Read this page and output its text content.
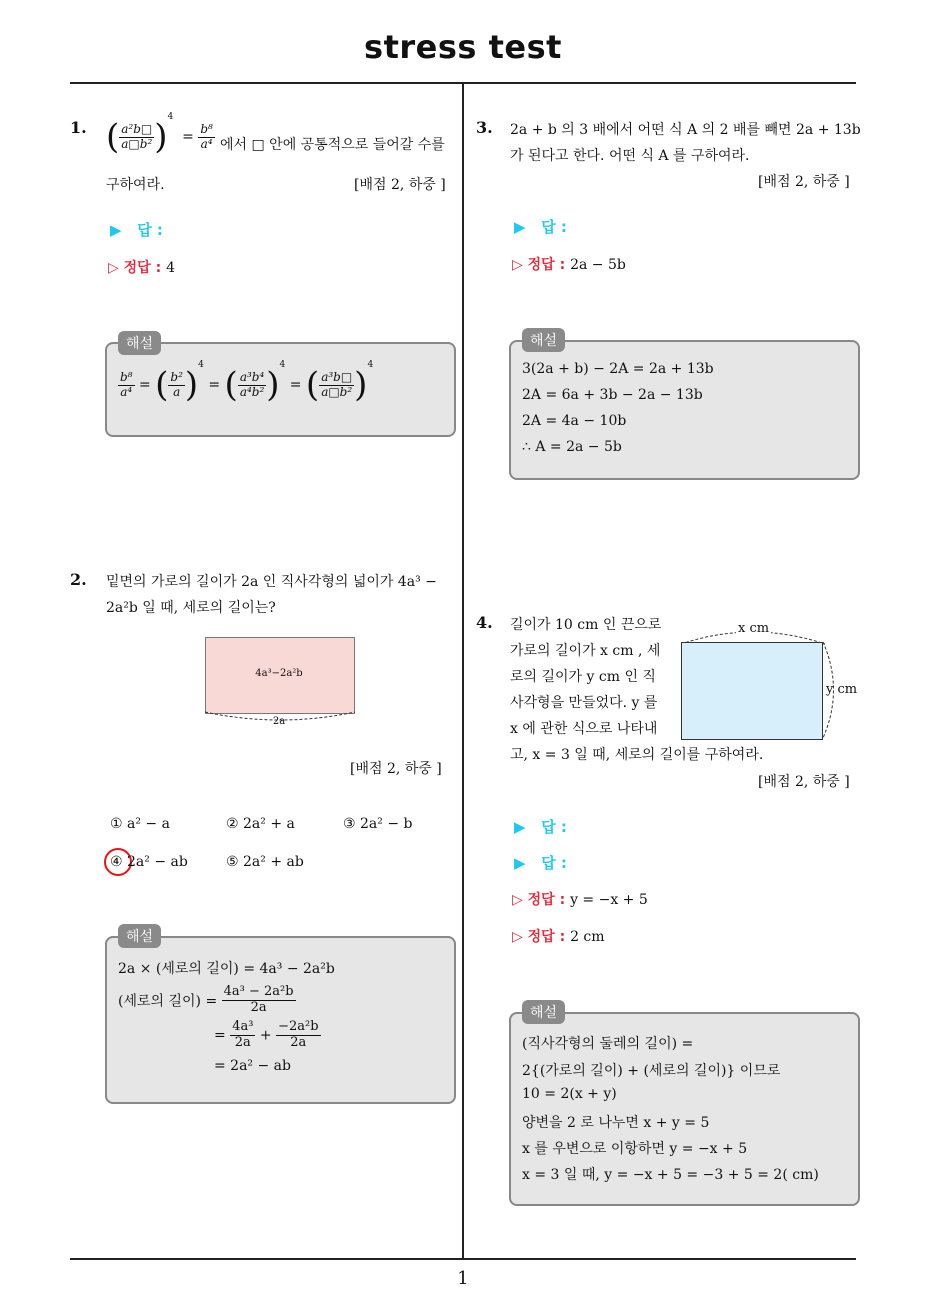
stress test
1
1. ( $\frac{\text{a²b□}}{\text{a□b²}} )^4 = \frac{\text{b⁸}}{\text{a⁴}}$ 에서 □ 안에 공통적으로 들어갈 수를
구하여라.	[배점 2, 하중 ]
▶ 답 :
▷ 정답 : 4
해설
$\frac{\text{b⁸}}{\text{a⁴}}$ = ( $\frac{\text{b²}}{a} )^4$ = ( $\frac{\text{a³b⁴}}{\text{a⁴b²}} )^4$ = ( $\frac{\text{a³b□}}{\text{a□b²}} )^4$
2. 밑면의 가로의 길이가 2a 인 직사각형의 넓이가 4a³ −
2a²b 일 때, 세로의 길이는?
4a³−2a²b
2a
[배점 2, 하중 ]
① a² − a	② 2a² + a	③ 2a² − b
④ 2a² − ab	⑤ 2a² + ab
해설
2a × (세로의 길이) = 4a³ − 2a²b
(세로의 길이) = $\frac{\text{4a³ − 2a²b}}{2a}$
= $\frac{\text{4a³}}{2a} + \frac{\text{−2a²b}}{2a}$
= 2a² − ab
3. 2a + b 의 3 배에서 어떤 식 A 의 2 배를 빼면 2a + 13b
가 된다고 한다. 어떤 식 A 를 구하여라.
[배점 2, 하중 ]
▶ 답 :
▷ 정답 : 2a − 5b
해설
3(2a + b) − 2A = 2a + 13b
2A = 6a + 3b − 2a − 13b
2A = 4a − 10b
∴ A = 2a − 5b
4. 길이가 10 cm 인 끈으로
가로의 길이가 x cm , 세
로의 길이가 y cm 인 직
사각형을 만들었다. y 를
x 에 관한 식으로 나타내
고, x = 3 일 때, 세로의 길이를 구하여라.
x cm
y cm
[배점 2, 하중 ]
▶ 답 :
▶ 답 :
▷ 정답 : y = −x + 5
▷ 정답 : 2 cm
해설
(직사각형의 둘레의 길이) =
2{(가로의 길이) + (세로의 길이)} 이므로
10 = 2(x + y)
양변을 2 로 나누면 x + y = 5
x 를 우변으로 이항하면 y = −x + 5
x = 3 일 때, y = −x + 5 = −3 + 5 = 2( cm)
